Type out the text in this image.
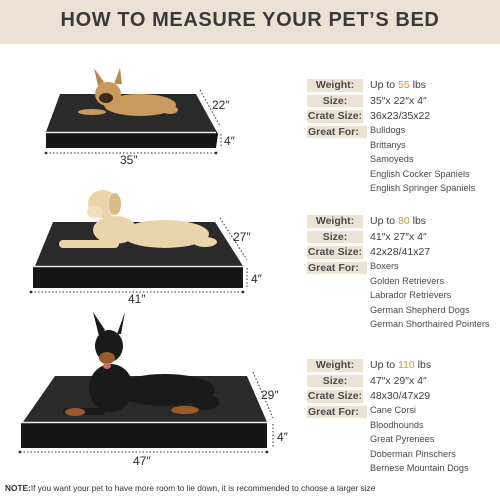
HOW TO MEASURE YOUR PET’S BED
22″
4″
35″
27″
4″
41″
29″
4″
47″
Weight:	Up to 55 lbs
Size:	35″x 22″x 4″
Crate Size: 36x23/35x22
Great For:	Bulldogs
Brittanys
Samoyeds
English Cocker Spaniels
English Springer Spaniels
Weight:	Up to 80 lbs
Size:	41″x 27″x 4″
Crate Size: 42x28/41x27
Great For:	Boxers
Golden Retrievers
Labrador Retrievers
German Shepherd Dogs
German Shorthaired Pointers
Weight:	Up to 110 lbs
Size:	47″x 29″x 4″
Crate Size: 48x30/47x29
Great For:	Cane Corsi
Bloodhounds
Great Pyrenees
Doberman Pinschers
Bernese Mountain Dogs
NOTE:If you want your pet to have more room to lie down, it is recommended to choose a larger size
